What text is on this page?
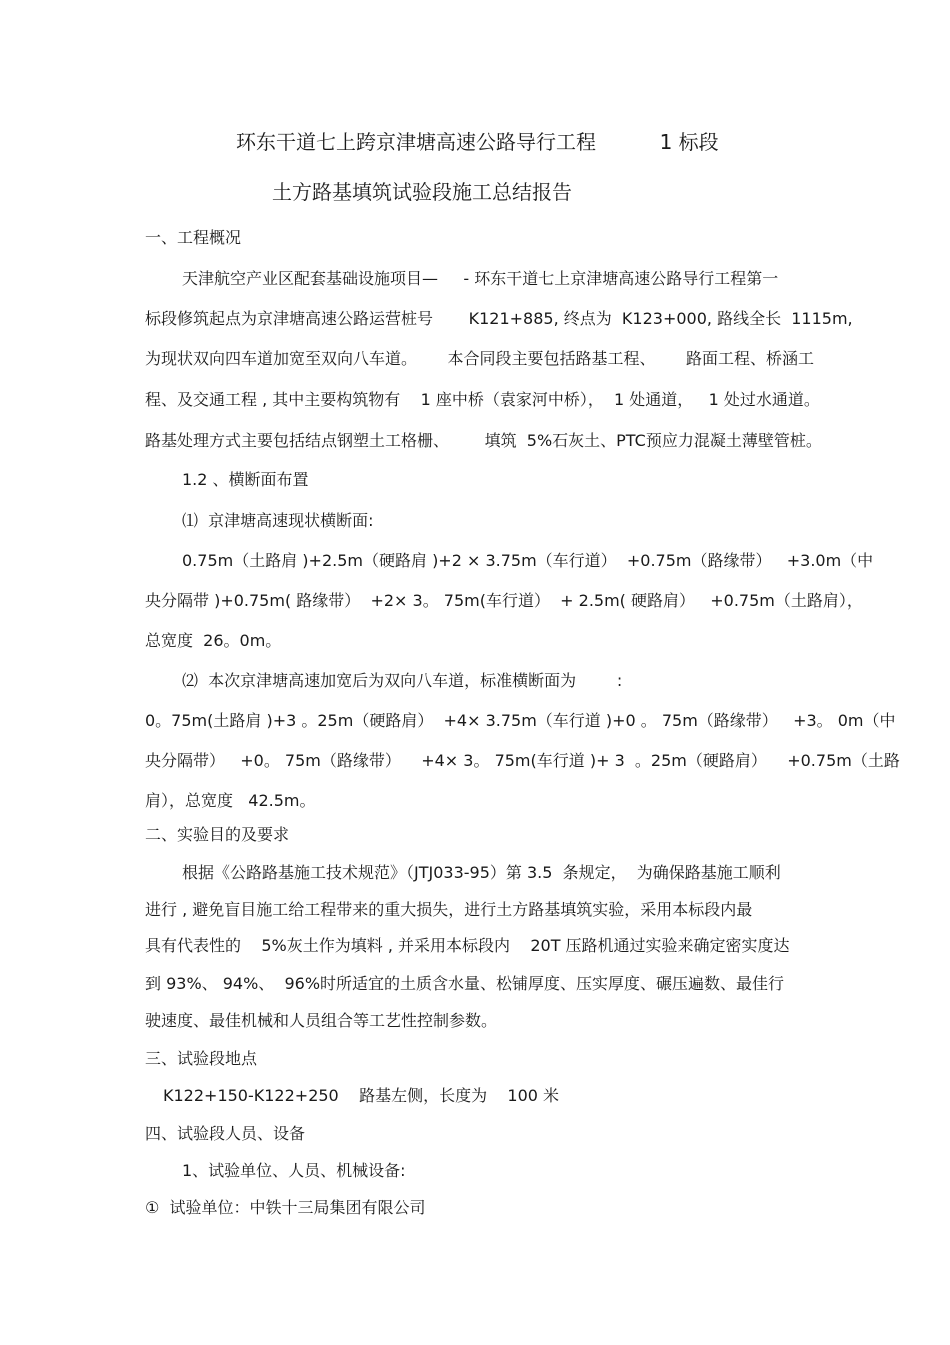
环东干道七上跨京津塘高速公路导行工程          1 标段
土方路基填筑试验段施工总结报告
一、工程概况
天津航空产业区配套基础设施项目—     - 环东干道七上京津塘高速公路导行工程第一
标段修筑起点为京津塘高速公路运营桩号       K121+885, 终点为  K123+000, 路线全长  1115m,
为现状双向四车道加宽至双向八车道。      本合同段主要包括路基工程、      路面工程、桥涵工
程、及交通工程 , 其中主要构筑物有    1 座中桥（袁家河中桥），  1 处通道，   1 处过水通道。
路基处理方式主要包括结点钢塑土工格栅、       填筑  5%石灰土、PTC预应力混凝土薄壁管桩。
1.2 、横断面布置
⑴  京津塘高速现状横断面:
0.75m（土路肩 )+2.5m（硬路肩 )+2 × 3.75m（车行道）  +0.75m（路缘带）   +3.0m（中
央分隔带 )+0.75m( 路缘带）  +2× 3。 75m(车行道）  + 2.5m( 硬路肩）   +0.75m（土路肩），
总宽度  26。0m。
⑵  本次京津塘高速加宽后为双向八车道，标准横断面为        :
0。75m(土路肩 )+3 。25m（硬路肩）  +4× 3.75m（车行道 )+0 。 75m（路缘带）   +3。 0m（中
央分隔带）   +0。 75m（路缘带）    +4× 3。 75m(车行道 )+ 3  。25m（硬路肩）    +0.75m（土路
肩），总宽度   42.5m。
二、实验目的及要求
根据《公路路基施工技术规范》（JTJ033-95）第 3.5  条规定，  为确保路基施工顺利
进行 , 避免盲目施工给工程带来的重大损失，进行土方路基填筑实验，采用本标段内最
具有代表性的    5%灰土作为填料 , 并采用本标段内    20T 压路机通过实验来确定密实度达
到 93%、 94%、  96%时所适宜的土质含水量、松铺厚度、压实厚度、碾压遍数、最佳行
驶速度、最佳机械和人员组合等工艺性控制参数。
三、试验段地点
K122+150-K122+250    路基左侧，长度为    100 米
四、试验段人员、设备
1、试验单位、人员、机械设备:
①  试验单位：中铁十三局集团有限公司
